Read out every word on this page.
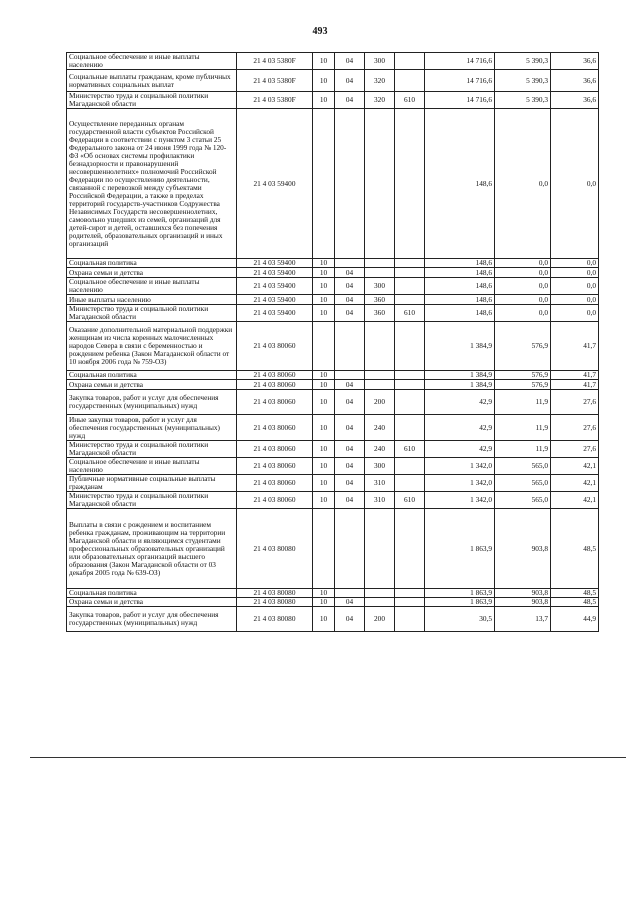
493
Социальное обеспечение и иные выплаты населению	21 4 03 5380F	10	04	300		14 716,6	5 390,3	36,6
Социальные выплаты гражданам, кроме публичных нормативных социальных выплат	21 4 03 5380F	10	04	320		14 716,6	5 390,3	36,6
Министерство труда и социальной политики Магаданской области	21 4 03 5380F	10	04	320	610	14 716,6	5 390,3	36,6
Осуществление переданных органам государственной власти субъектов Российской Федерации в соответствии с пунктом 3 статьи 25 Федерального закона от 24 июня 1999 года № 120-ФЗ «Об основах системы профилактики безнадзорности и правонарушений несовершеннолетних» полномочий Российской Федерации по осуществлению деятельности, связанной с перевозкой между субъектами Российской Федерации, а также в пределах территорий государств-участников Содружества Независимых Государств несовершеннолетних, самовольно ушедших из семей, организаций для детей-сирот и детей, оставшихся без попечения родителей, образовательных организаций и иных организаций	21 4 03 59400					148,6	0,0	0,0
Социальная политика	21 4 03 59400	10				148,6	0,0	0,0
Охрана семьи и детства	21 4 03 59400	10	04			148,6	0,0	0,0
Социальное обеспечение и иные выплаты населению	21 4 03 59400	10	04	300		148,6	0,0	0,0
Иные выплаты населению	21 4 03 59400	10	04	360		148,6	0,0	0,0
Министерство труда и социальной политики Магаданской области	21 4 03 59400	10	04	360	610	148,6	0,0	0,0
Оказание дополнительной материальной поддержки женщинам из числа коренных малочисленных народов Севера в связи с беременностью и рождением ребенка (Закон Магаданской области от 10 ноября 2006 года № 759-ОЗ)	21 4 03 80060					1 384,9	576,9	41,7
Социальная политика	21 4 03 80060	10				1 384,9	576,9	41,7
Охрана семьи и детства	21 4 03 80060	10	04			1 384,9	576,9	41,7
Закупка товаров, работ и услуг для обеспечения государственных (муниципальных) нужд	21 4 03 80060	10	04	200		42,9	11,9	27,6
Иные закупки товаров, работ и услуг для обеспечения государственных (муниципальных) нужд	21 4 03 80060	10	04	240		42,9	11,9	27,6
Министерство труда и социальной политики Магаданской области	21 4 03 80060	10	04	240	610	42,9	11,9	27,6
Социальное обеспечение и иные выплаты населению	21 4 03 80060	10	04	300		1 342,0	565,0	42,1
Публичные нормативные социальные выплаты гражданам	21 4 03 80060	10	04	310		1 342,0	565,0	42,1
Министерство труда и социальной политики Магаданской области	21 4 03 80060	10	04	310	610	1 342,0	565,0	42,1
Выплаты в связи с рождением и воспитанием ребенка гражданам, проживающим на территории Магаданской области и являющимся студентами профессиональных образовательных организаций или образовательных организаций высшего образования (Закон Магаданской области от 03 декабря 2005 года № 639-ОЗ)	21 4 03 80080					1 863,9	903,8	48,5
Социальная политика	21 4 03 80080	10				1 863,9	903,8	48,5
Охрана семьи и детства	21 4 03 80080	10	04			1 863,9	903,8	48,5
Закупка товаров, работ и услуг для обеспечения государственных (муниципальных) нужд	21 4 03 80080	10	04	200		30,5	13,7	44,9
